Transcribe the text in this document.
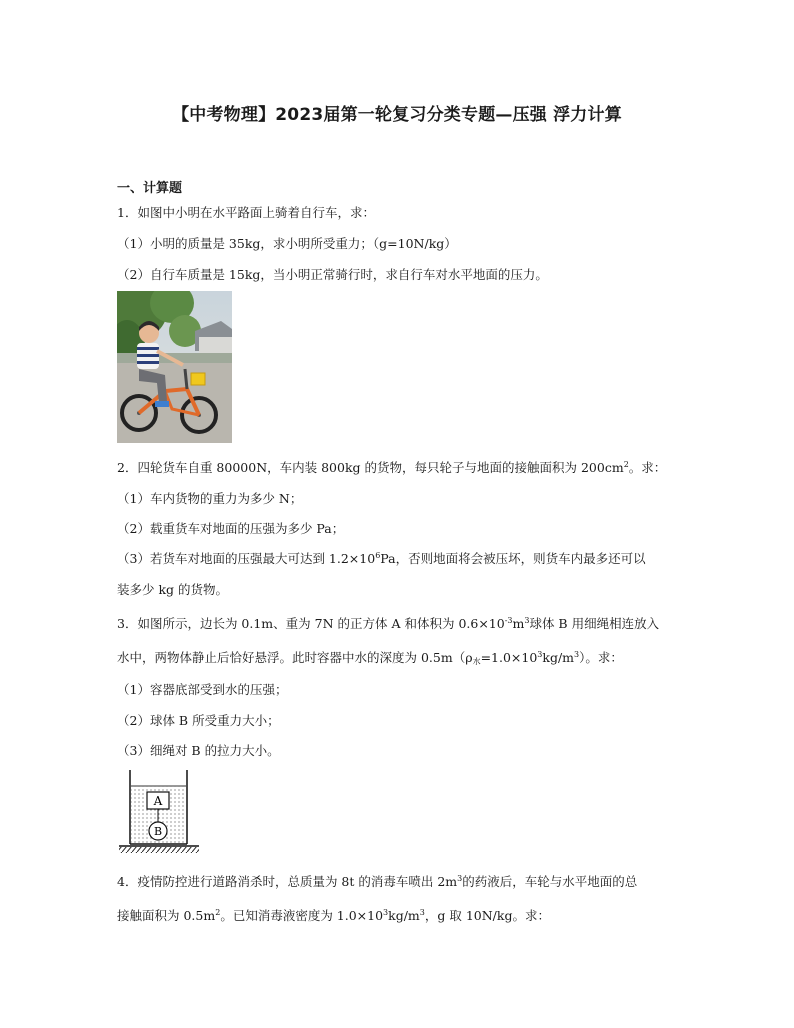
【中考物理】2023届第一轮复习分类专题—压强 浮力计算
一、计算题
1．如图中小明在水平路面上骑着自行车，求：
（1）小明的质量是 35kg，求小明所受重力；（g=10N/kg）
（2）自行车质量是 15kg，当小明正常骑行时，求自行车对水平地面的压力。
2．四轮货车自重 80000N，车内装 800kg 的货物，每只轮子与地面的接触面积为 $200cm^2$。求：
（1）车内货物的重力为多少 N；
（2）载重货车对地面的压强为多少 Pa；
（3）若货车对地面的压强最大可达到 $1.2\times 10^6Pa$，否则地面将会被压坏，则货车内最多还可以
装多少 kg 的货物。
3．如图所示，边长为 0.1m、重为 7N 的正方体 A 和体积为 $0.6\times 10^{-3}m^3$球体 B 用细绳相连放入
水中，两物体静止后恰好悬浮。此时容器中水的深度为 $0.5m(\rho_水=1.0\times 10^3kg/m^3)$。求：
（1）容器底部受到水的压强；
（2）球体 B 所受重力大小；
（3）细绳对 B 的拉力大小。
A
B
4．疫情防控进行道路消杀时，总质量为 8t 的消毒车喷出 $2m^3$的药液后，车轮与水平地面的总
接触面积为 $0.5m^2$。已知消毒液密度为 $1.0\times 10^3kg/m^3$，g 取 10N/kg。求：
